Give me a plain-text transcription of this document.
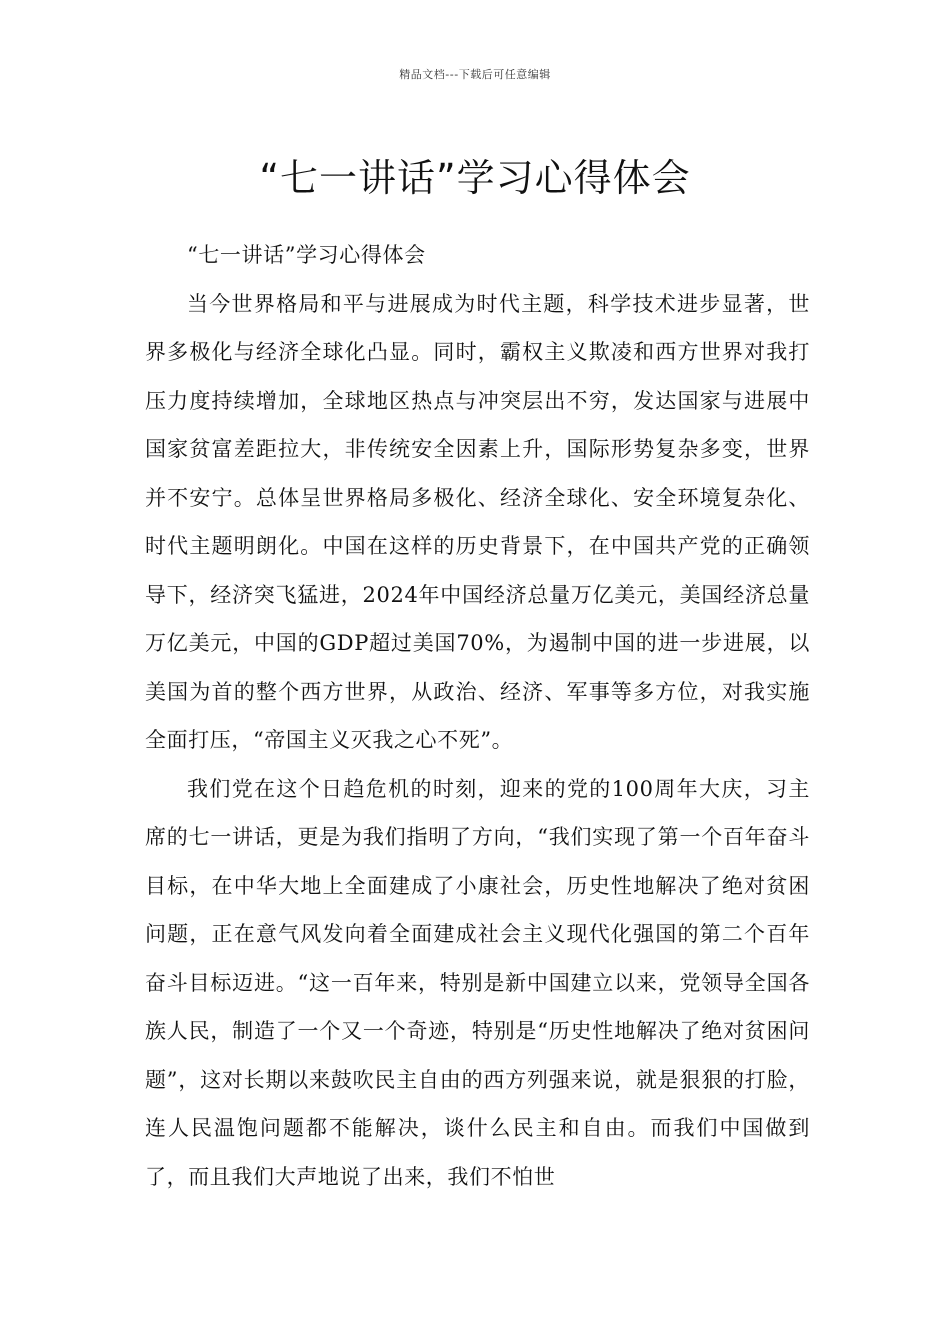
精品文档---下载后可任意编辑
“七一讲话”学习心得体会

“七一讲话”学习心得体会

当今世界格局和平与进展成为时代主题，科学技术进步显著，世界多极化与经济全球化凸显。同时，霸权主义欺凌和西方世界对我打压力度持续增加，全球地区热点与冲突层出不穷，发达国家与进展中国家贫富差距拉大，非传统安全因素上升，国际形势复杂多变，世界并不安宁。总体呈世界格局多极化、经济全球化、安全环境复杂化、时代主题明朗化。中国在这样的历史背景下，在中国共产党的正确领导下，经济突飞猛进，2024年中国经济总量万亿美元，美国经济总量万亿美元，中国的GDP超过美国70%，为遏制中国的进一步进展，以美国为首的整个西方世界，从政治、经济、军事等多方位，对我实施全面打压，“帝国主义灭我之心不死”。

我们党在这个日趋危机的时刻，迎来的党的100周年大庆，习主席的七一讲话，更是为我们指明了方向，“我们实现了第一个百年奋斗目标，在中华大地上全面建成了小康社会，历史性地解决了绝对贫困问题，正在意气风发向着全面建成社会主义现代化强国的第二个百年奋斗目标迈进。“这一百年来，特别是新中国建立以来，党领导全国各族人民，制造了一个又一个奇迹，特别是“历史性地解决了绝对贫困问题”，这对长期以来鼓吹民主自由的西方列强来说，就是狠狠的打脸，连人民温饱问题都不能解决，谈什么民主和自由。而我们中国做到了，而且我们大声地说了出来，我们不怕世
